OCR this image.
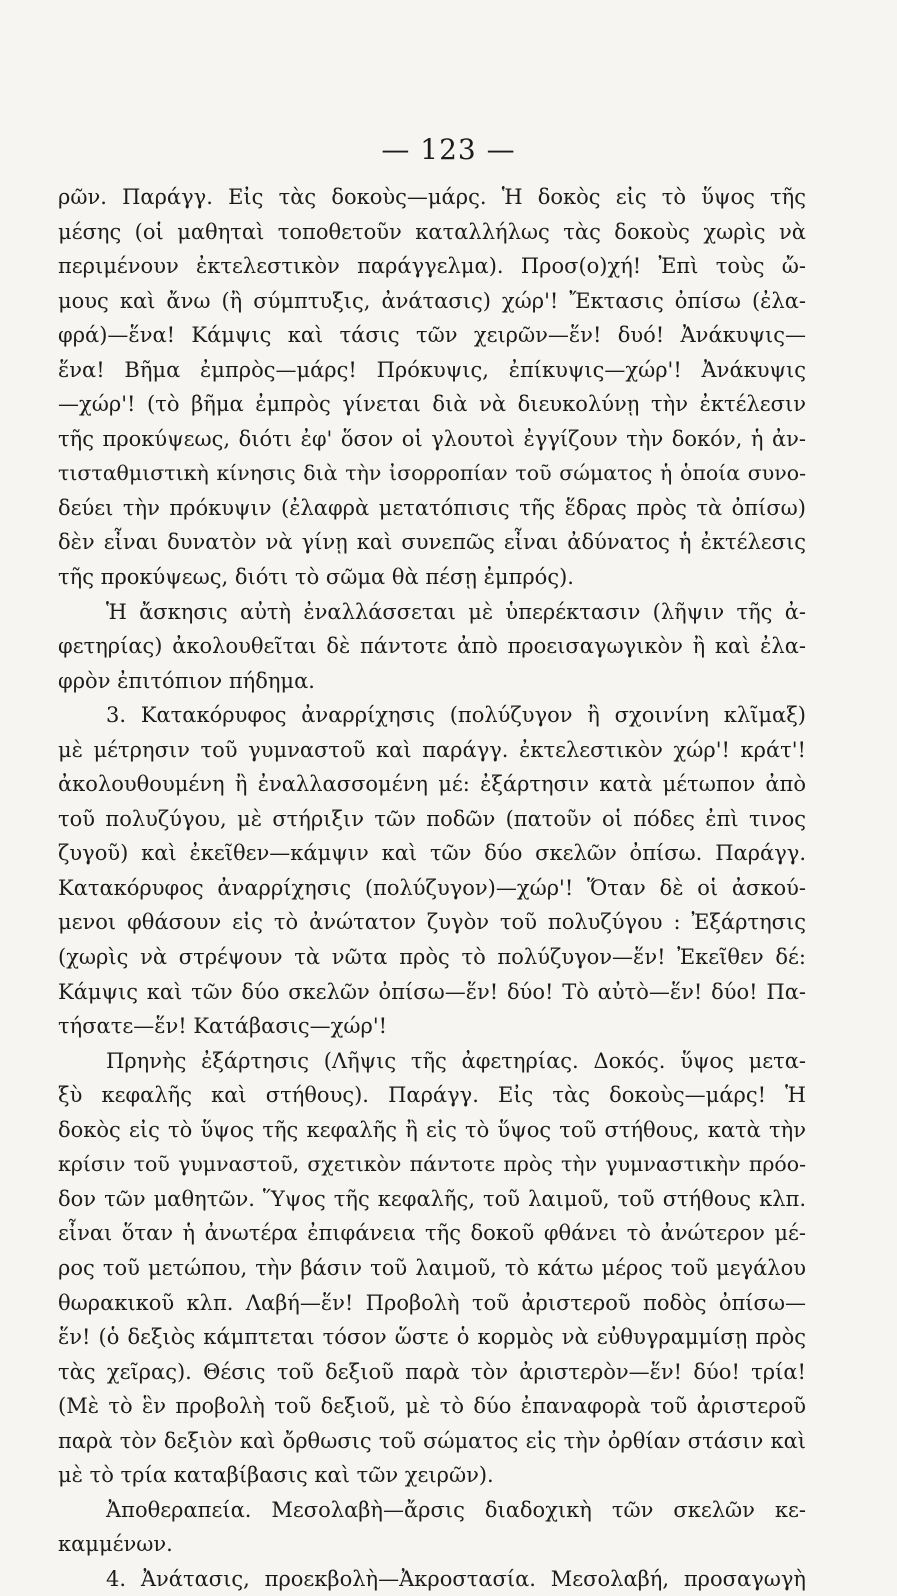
— 123 —
ρῶν. Παράγγ. Εἰς τὰς δοκοὺς—μάρς. Ἡ δοκὸς εἰς τὸ ὕψος τῆς
μέσης (οἱ μαθηταὶ τοποθετοῦν καταλλήλως τὰς δοκοὺς χωρὶς νὰ
περιμένουν ἐκτελεστικὸν παράγγελμα). Προσ(ο)χή! Ἐπὶ τοὺς ὤ-
μους καὶ ἄνω (ἢ σύμπτυξις, ἀνάτασις) χώρ'! Ἔκτασις ὀπίσω (ἐλα-
φρά)—ἕνα! Κάμψις καὶ τάσις τῶν χειρῶν—ἕν! δυό! Ἀνάκυψις—
ἕνα! Βῆμα ἐμπρὸς—μάρς! Πρόκυψις, ἐπίκυψις—χώρ'! Ἀνάκυψις
—χώρ'! (τὸ βῆμα ἐμπρὸς γίνεται διὰ νὰ διευκολύνῃ τὴν ἐκτέλεσιν
τῆς προκύψεως, διότι ἐφ' ὅσον οἱ γλουτοὶ ἐγγίζουν τὴν δοκόν, ἡ ἀν-
τισταθμιστικὴ κίνησις διὰ τὴν ἰσορροπίαν τοῦ σώματος ἡ ὁποία συνο-
δεύει τὴν πρόκυψιν (ἐλαφρὰ μετατόπισις τῆς ἕδρας πρὸς τὰ ὀπίσω)
δὲν εἶναι δυνατὸν νὰ γίνῃ καὶ συνεπῶς εἶναι ἀδύνατος ἡ ἐκτέλεσις
τῆς προκύψεως, διότι τὸ σῶμα θὰ πέσῃ ἐμπρός).
Ἡ ἄσκησις αὐτὴ ἐναλλάσσεται μὲ ὑπερέκτασιν (λῆψιν τῆς ἀ-
φετηρίας) ἀκολουθεῖται δὲ πάντοτε ἀπὸ προεισαγωγικὸν ἢ καὶ ἐλα-
φρὸν ἐπιτόπιον πήδημα.
3. Κατακόρυφος ἀναρρίχησις (πολύζυγον ἢ σχοινίνη κλῖμαξ)
μὲ μέτρησιν τοῦ γυμναστοῦ καὶ παράγγ. ἐκτελεστικὸν χώρ'! κράτ'!
ἀκολουθουμένη ἢ ἐναλλασσομένη μέ: ἐξάρτησιν κατὰ μέτωπον ἀπὸ
τοῦ πολυζύγου, μὲ στήριξιν τῶν ποδῶν (πατοῦν οἱ πόδες ἐπὶ τινος
ζυγοῦ) καὶ ἐκεῖθεν—κάμψιν καὶ τῶν δύο σκελῶν ὀπίσω. Παράγγ.
Κατακόρυφος ἀναρρίχησις (πολύζυγον)—χώρ'! Ὅταν δὲ οἱ ἀσκού-
μενοι φθάσουν εἰς τὸ ἀνώτατον ζυγὸν τοῦ πολυζύγου : Ἐξάρτησις
(χωρὶς νὰ στρέψουν τὰ νῶτα πρὸς τὸ πολύζυγον—ἕν! Ἐκεῖθεν δέ:
Κάμψις καὶ τῶν δύο σκελῶν ὀπίσω—ἕν! δύο! Τὸ αὐτὸ—ἕν! δύο! Πα-
τήσατε—ἕν! Κατάβασις—χώρ'!
Πρηνὴς ἐξάρτησις (Λῆψις τῆς ἀφετηρίας. Δοκός. ὕψος μετα-
ξὺ κεφαλῆς καὶ στήθους). Παράγγ. Εἰς τὰς δοκοὺς—μάρς! Ἡ
δοκὸς εἰς τὸ ὕψος τῆς κεφαλῆς ἢ εἰς τὸ ὕψος τοῦ στήθους, κατὰ τὴν
κρίσιν τοῦ γυμναστοῦ, σχετικὸν πάντοτε πρὸς τὴν γυμναστικὴν πρόο-
δον τῶν μαθητῶν. Ὕψος τῆς κεφαλῆς, τοῦ λαιμοῦ, τοῦ στήθους κλπ.
εἶναι ὅταν ἡ ἀνωτέρα ἐπιφάνεια τῆς δοκοῦ φθάνει τὸ ἀνώτερον μέ-
ρος τοῦ μετώπου, τὴν βάσιν τοῦ λαιμοῦ, τὸ κάτω μέρος τοῦ μεγάλου
θωρακικοῦ κλπ. Λαβή—ἕν! Προβολὴ τοῦ ἀριστεροῦ ποδὸς ὀπίσω—
ἕν! (ὁ δεξιὸς κάμπτεται τόσον ὥστε ὁ κορμὸς νὰ εὐθυγραμμίσῃ πρὸς
τὰς χεῖρας). Θέσις τοῦ δεξιοῦ παρὰ τὸν ἀριστερὸν—ἕν! δύο! τρία!
(Μὲ τὸ ἓν προβολὴ τοῦ δεξιοῦ, μὲ τὸ δύο ἐπαναφορὰ τοῦ ἀριστεροῦ
παρὰ τὸν δεξιὸν καὶ ὄρθωσις τοῦ σώματος εἰς τὴν ὀρθίαν στάσιν καὶ
μὲ τὸ τρία καταβίβασις καὶ τῶν χειρῶν).
Ἀποθεραπεία. Μεσολαβὴ—ἄρσις διαδοχικὴ τῶν σκελῶν κε-
καμμένων.
4. Ἀνάτασις, προεκβολὴ—Ἀκροστασία. Μεσολαβή, προσαγωγὴ
